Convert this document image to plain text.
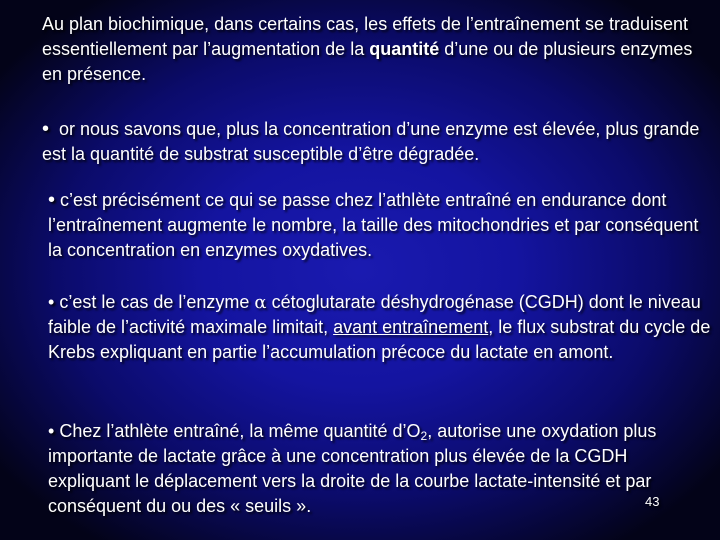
Au plan biochimique, dans certains cas, les effets de l’entraînement se traduisent essentiellement par l’augmentation de la quantité d’une ou de plusieurs enzymes en présence.

•  or nous savons que, plus la concentration d’une enzyme est élevée, plus grande est la quantité de substrat susceptible d’être dégradée.

• c’est précisément ce qui se passe chez l’athlète entraîné en endurance dont l’entraînement augmente le nombre, la taille des mitochondries et par conséquent la concentration en enzymes oxydatives.

• c’est le cas de l’enzyme α cétoglutarate déshydrogénase (CGDH) dont le niveau faible de l’activité maximale limitait, avant entraînement, le flux substrat du cycle de Krebs expliquant en partie l’accumulation précoce du lactate en amont.

• Chez l’athlète entraîné, la même quantité $d’O_2$, autorise une oxydation plus importante de lactate grâce à une concentration plus élevée de la CGDH expliquant le déplacement vers la droite de la courbe lactate-intensité et par conséquent du ou des « seuils ».	43
